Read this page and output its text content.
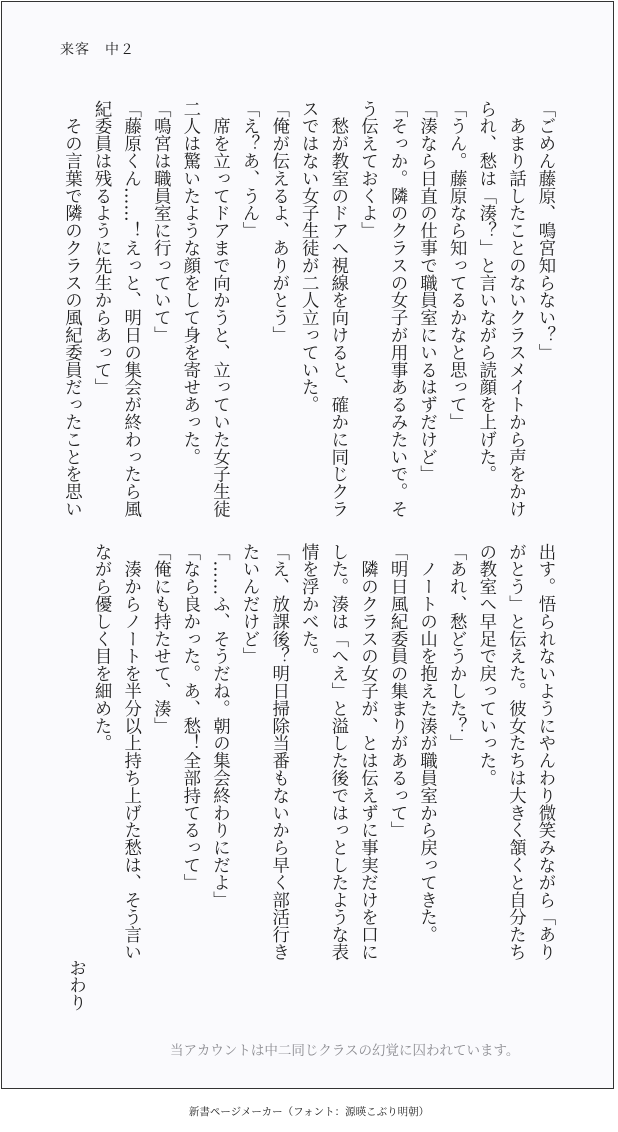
来客　中２
「ごめん藤原、鳴宮知らない？」
　あまり話したことのないクラスメイトから声をかけ
られ、愁は「湊？」と言いながら読顔を上げた。
「うん。藤原なら知ってるかなと思って」
「湊なら日直の仕事で職員室にいるはずだけど」
「そっか。隣のクラスの女子が用事あるみたいで。そ
う伝えておくよ」
　愁が教室のドアへ視線を向けると、確かに同じクラ
スではない女子生徒が二人立っていた。
「俺が伝えるよ、ありがとう」
「え？あ、うん」
　席を立ってドアまで向かうと、立っていた女子生徒
二人は驚いたような顔をして身を寄せあった。
「鳴宮は職員室に行っていて」
「藤原くん……！えっと、明日の集会が終わったら風
紀委員は残るように先生からあって」
　その言葉で隣のクラスの風紀委員だったことを思い
出す。悟られないようにやんわり微笑みながら「あり
がとう」と伝えた。彼女たちは大きく頷くと自分たち
の教室へ早足で戻っていった。
「あれ、愁どうかした？」
　ノートの山を抱えた湊が職員室から戻ってきた。
「明日風紀委員の集まりがあるって」
　隣のクラスの女子が、とは伝えずに事実だけを口に
した。湊は「へえ」と溢した後ではっとしたような表
情を浮かべた。
「え、放課後？明日掃除当番もないから早く部活行き
たいんだけど」
「……ふ、そうだね。朝の集会終わりにだよ」
「なら良かった。あ、愁！全部持てるって」
「俺にも持たせて、湊」
　湊からノートを半分以上持ち上げた愁は、そう言い
ながら優しく目を細めた。
おわり
当アカウントは中二同じクラスの幻覚に囚われています。
新書ページメーカー（フォント：源暎こぶり明朝）
